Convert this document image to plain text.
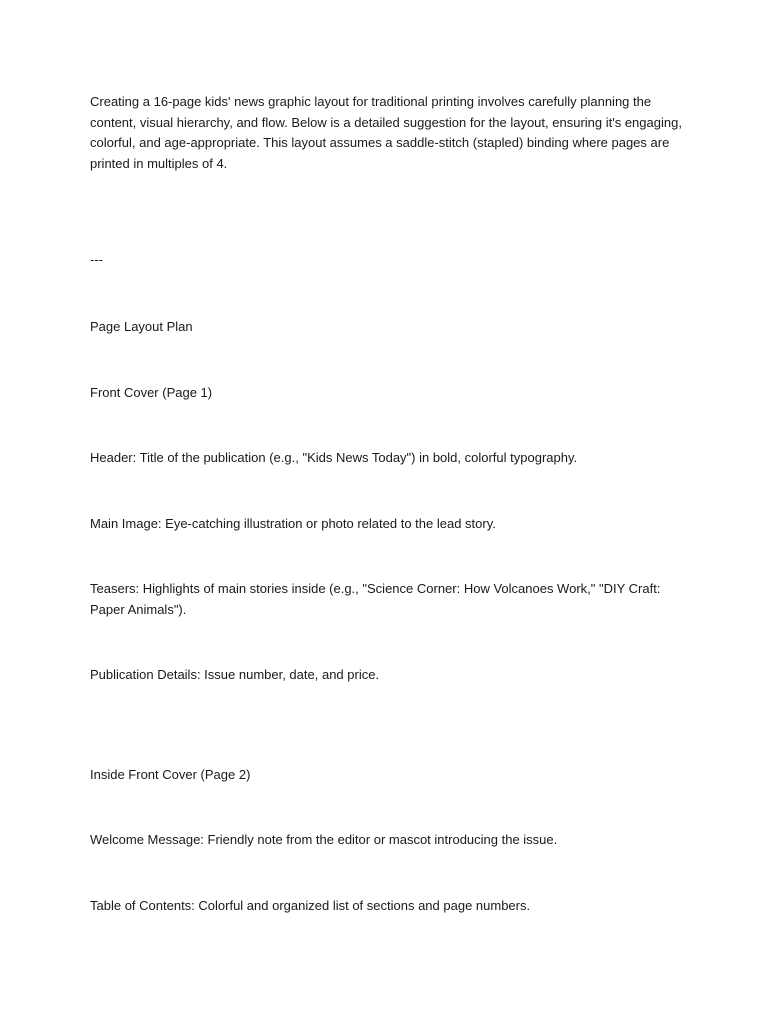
Creating a 16-page kids' news graphic layout for traditional printing involves carefully planning the content, visual hierarchy, and flow. Below is a detailed suggestion for the layout, ensuring it's engaging, colorful, and age-appropriate. This layout assumes a saddle-stitch (stapled) binding where pages are printed in multiples of 4.

---

Page Layout Plan

Front Cover (Page 1)

Header: Title of the publication (e.g., "Kids News Today") in bold, colorful typography.

Main Image: Eye-catching illustration or photo related to the lead story.

Teasers: Highlights of main stories inside (e.g., "Science Corner: How Volcanoes Work," "DIY Craft: Paper Animals").

Publication Details: Issue number, date, and price.

Inside Front Cover (Page 2)

Welcome Message: Friendly note from the editor or mascot introducing the issue.

Table of Contents: Colorful and organized list of sections and page numbers.
